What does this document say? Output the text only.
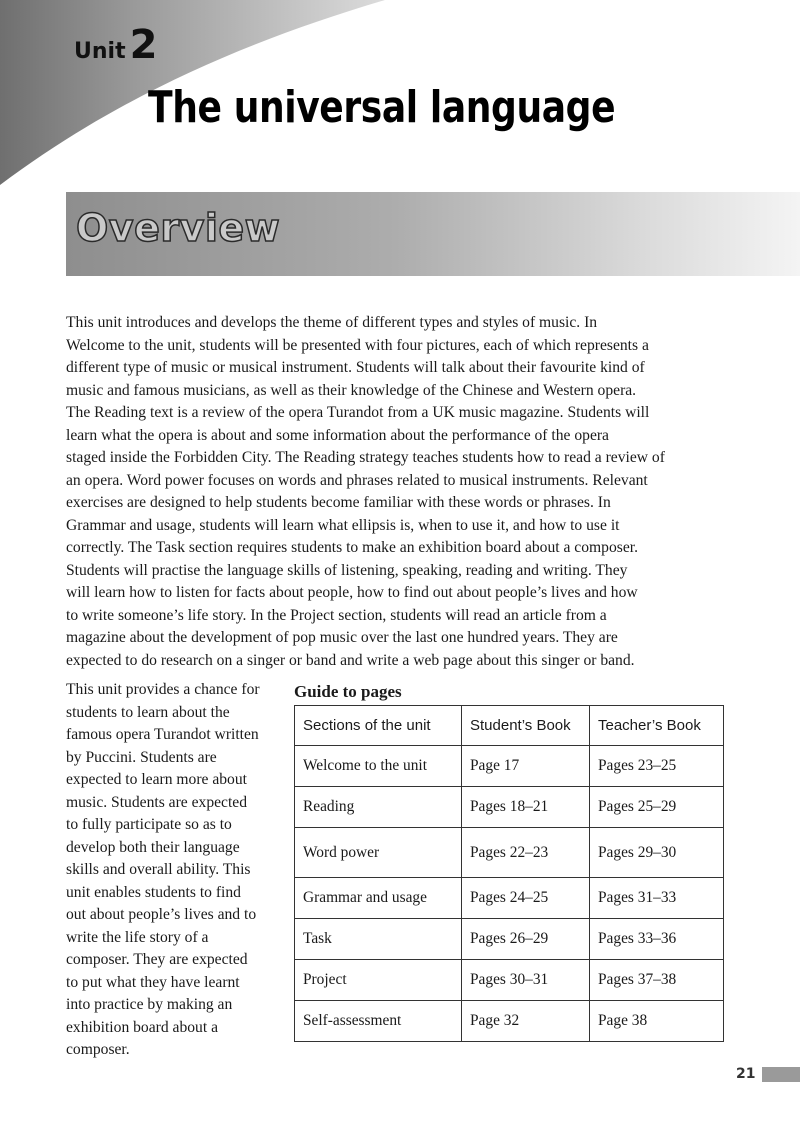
Unit 2
The universal language
Overview

This unit introduces and develops the theme of different types and styles of music. In
Welcome to the unit, students will be presented with four pictures, each of which represents a
different type of music or musical instrument. Students will talk about their favourite kind of
music and famous musicians, as well as their knowledge of the Chinese and Western opera.
The Reading text is a review of the opera Turandot from a UK music magazine. Students will
learn what the opera is about and some information about the performance of the opera
staged inside the Forbidden City. The Reading strategy teaches students how to read a review of
an opera. Word power focuses on words and phrases related to musical instruments. Relevant
exercises are designed to help students become familiar with these words or phrases. In
Grammar and usage, students will learn what ellipsis is, when to use it, and how to use it
correctly. The Task section requires students to make an exhibition board about a composer.
Students will practise the language skills of listening, speaking, reading and writing. They
will learn how to listen for facts about people, how to find out about people’s lives and how
to write someone’s life story. In the Project section, students will read an article from a
magazine about the development of pop music over the last one hundred years. They are
expected to do research on a singer or band and write a web page about this singer or band.

This unit provides a chance for
students to learn about the
famous opera Turandot written
by Puccini. Students are
expected to learn more about
music. Students are expected
to fully participate so as to
develop both their language
skills and overall ability. This
unit enables students to find
out about people’s lives and to
write the life story of a
composer. They are expected
to put what they have learnt
into practice by making an
exhibition board about a
composer.

Guide to pages
Sections of the unit	Student’s Book	Teacher’s Book
Welcome to the unit	Page 17	Pages 23–25
Reading	Pages 18–21	Pages 25–29
Word power	Pages 22–23	Pages 29–30
Grammar and usage	Pages 24–25	Pages 31–33
Task	Pages 26–29	Pages 33–36
Project	Pages 30–31	Pages 37–38
Self-assessment	Page 32	Page 38
21
